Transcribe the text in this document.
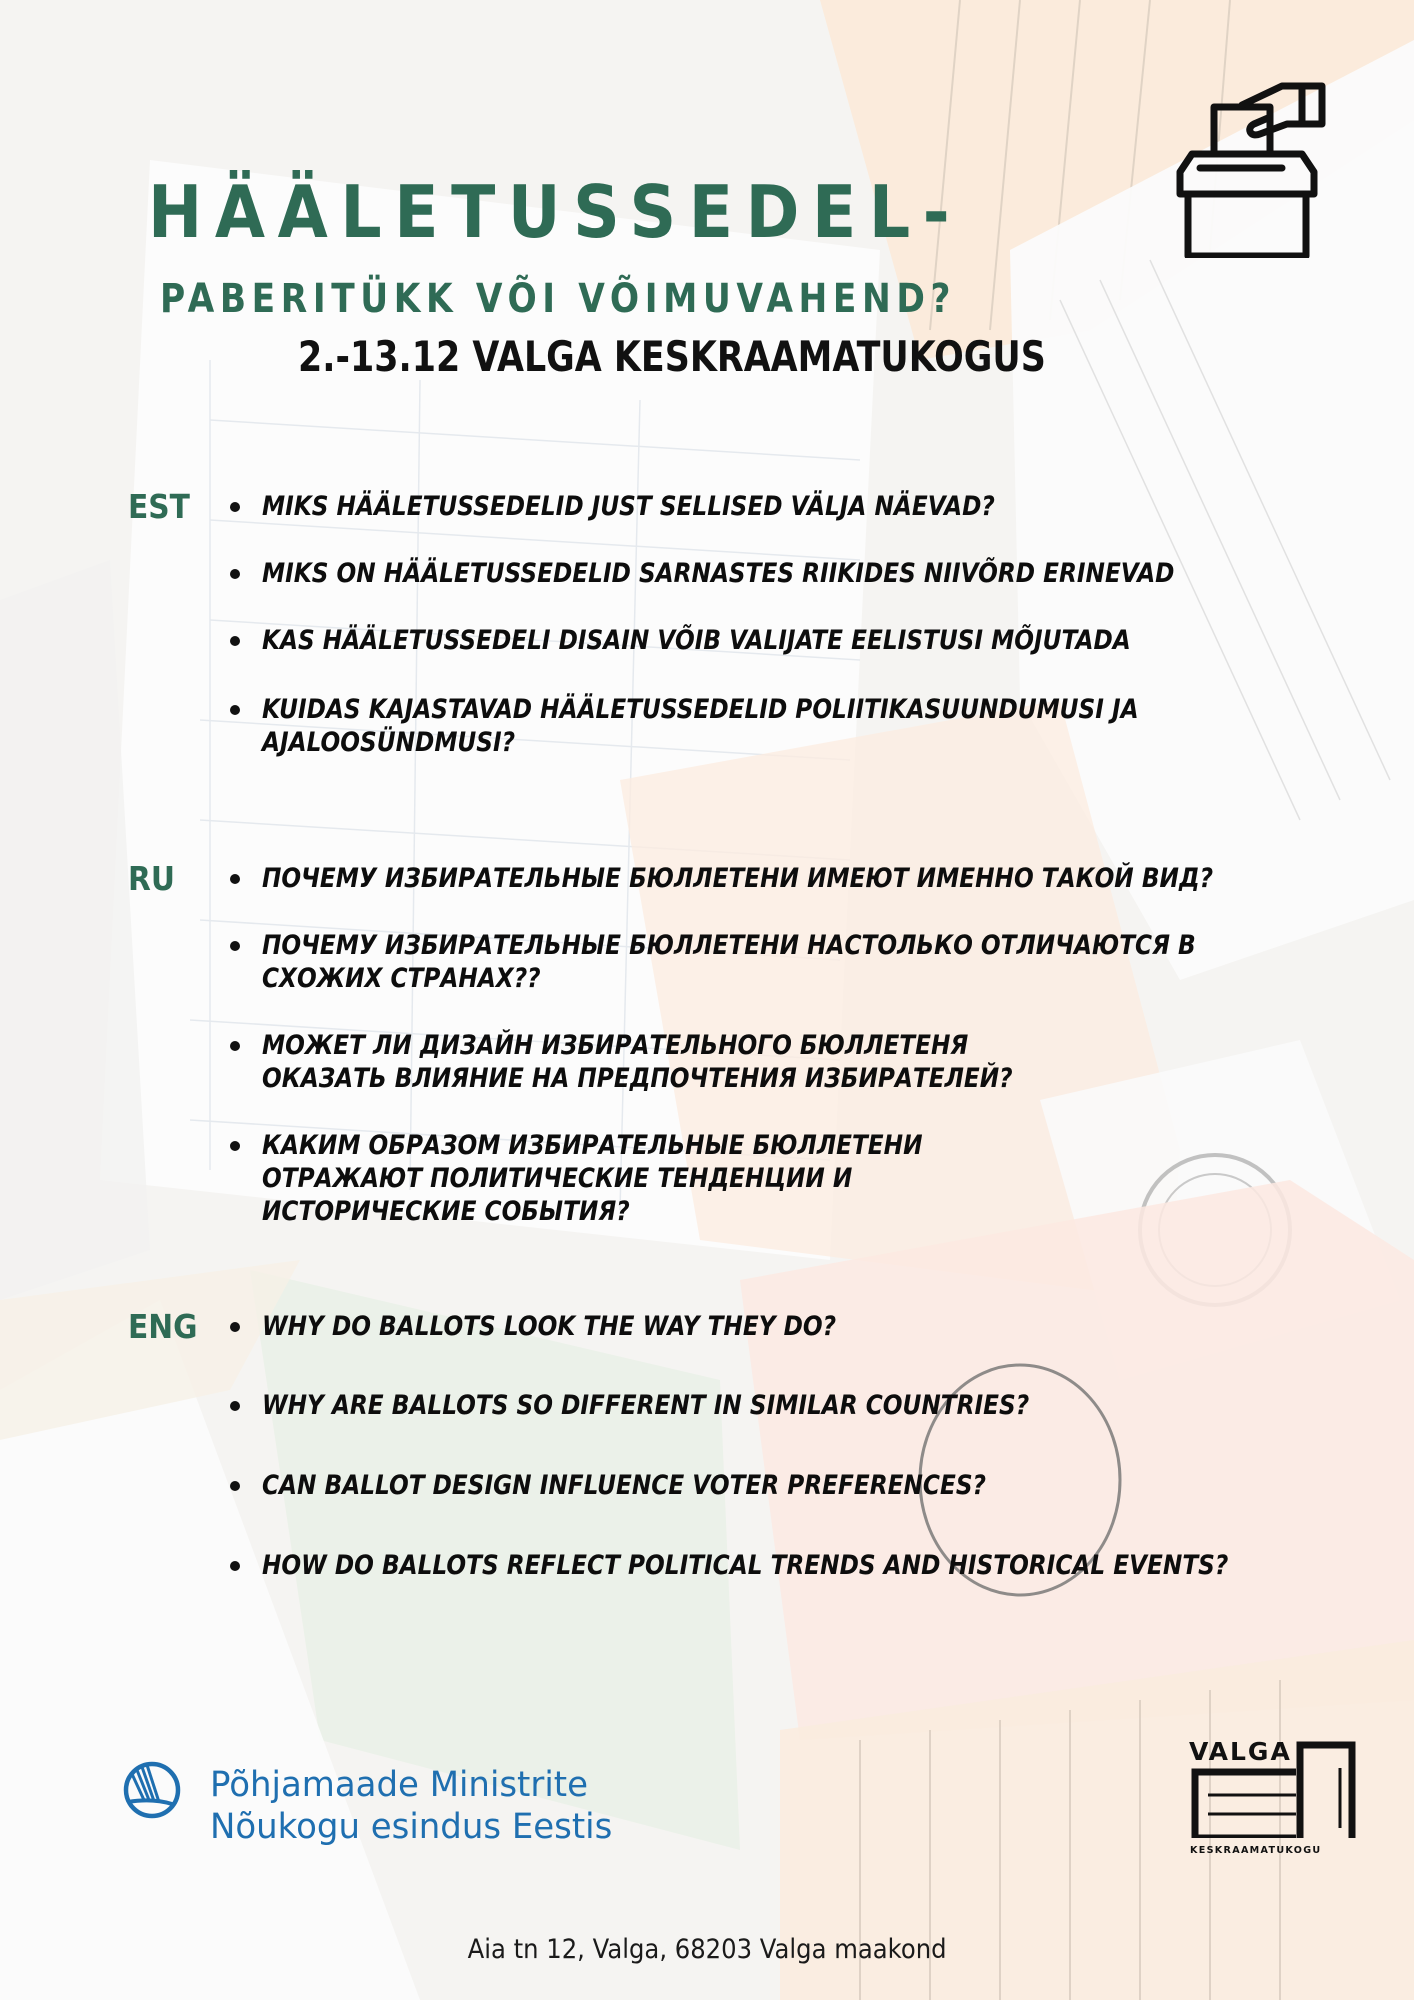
HÄÄLETUSSEDEL-
PABERITÜKK VÕI VÕIMUVAHEND?
2.-13.12 VALGA KESKRAAMATUKOGUS
EST	MIKS HÄÄLETUSSEDELID JUST SELLISED VÄLJA NÄEVAD?
MIKS ON HÄÄLETUSSEDELID SARNASTES RIIKIDES NIIVÕRD ERINEVAD
KAS HÄÄLETUSSEDELI DISAIN VÕIB VALIJATE EELISTUSI MÕJUTADA
KUIDAS KAJASTAVAD HÄÄLETUSSEDELID POLIITIKASUUNDUMUSI JA AJALOOSÜNDMUSI?
RU	ПОЧЕМУ ИЗБИРАТЕЛЬНЫЕ БЮЛЛЕТЕНИ ИМЕЮТ ИМЕННО ТАКОЙ ВИД?
ПОЧЕМУ ИЗБИРАТЕЛЬНЫЕ БЮЛЛЕТЕНИ НАСТОЛЬКО ОТЛИЧАЮТСЯ В СХОЖИХ СТРАНАХ??
МОЖЕТ ЛИ ДИЗАЙН ИЗБИРАТЕЛЬНОГО БЮЛЛЕТЕНЯ ОКАЗАТЬ ВЛИЯНИЕ НА ПРЕДПОЧТЕНИЯ ИЗБИРАТЕЛЕЙ?
КАКИМ ОБРАЗОМ ИЗБИРАТЕЛЬНЫЕ БЮЛЛЕТЕНИ ОТРАЖАЮТ ПОЛИТИЧЕСКИЕ ТЕНДЕНЦИИ И ИСТОРИЧЕСКИЕ СОБЫТИЯ?
ENG	WHY DO BALLOTS LOOK THE WAY THEY DO?
WHY ARE BALLOTS SO DIFFERENT IN SIMILAR COUNTRIES?
CAN BALLOT DESIGN INFLUENCE VOTER PREFERENCES?
HOW DO BALLOTS REFLECT POLITICAL TRENDS AND HISTORICAL EVENTS?
Põhjamaade Ministrite
Nõukogu esindus Eestis
VALGA
KESKRAAMATUKOGU
Aia tn 12, Valga, 68203 Valga maakond
